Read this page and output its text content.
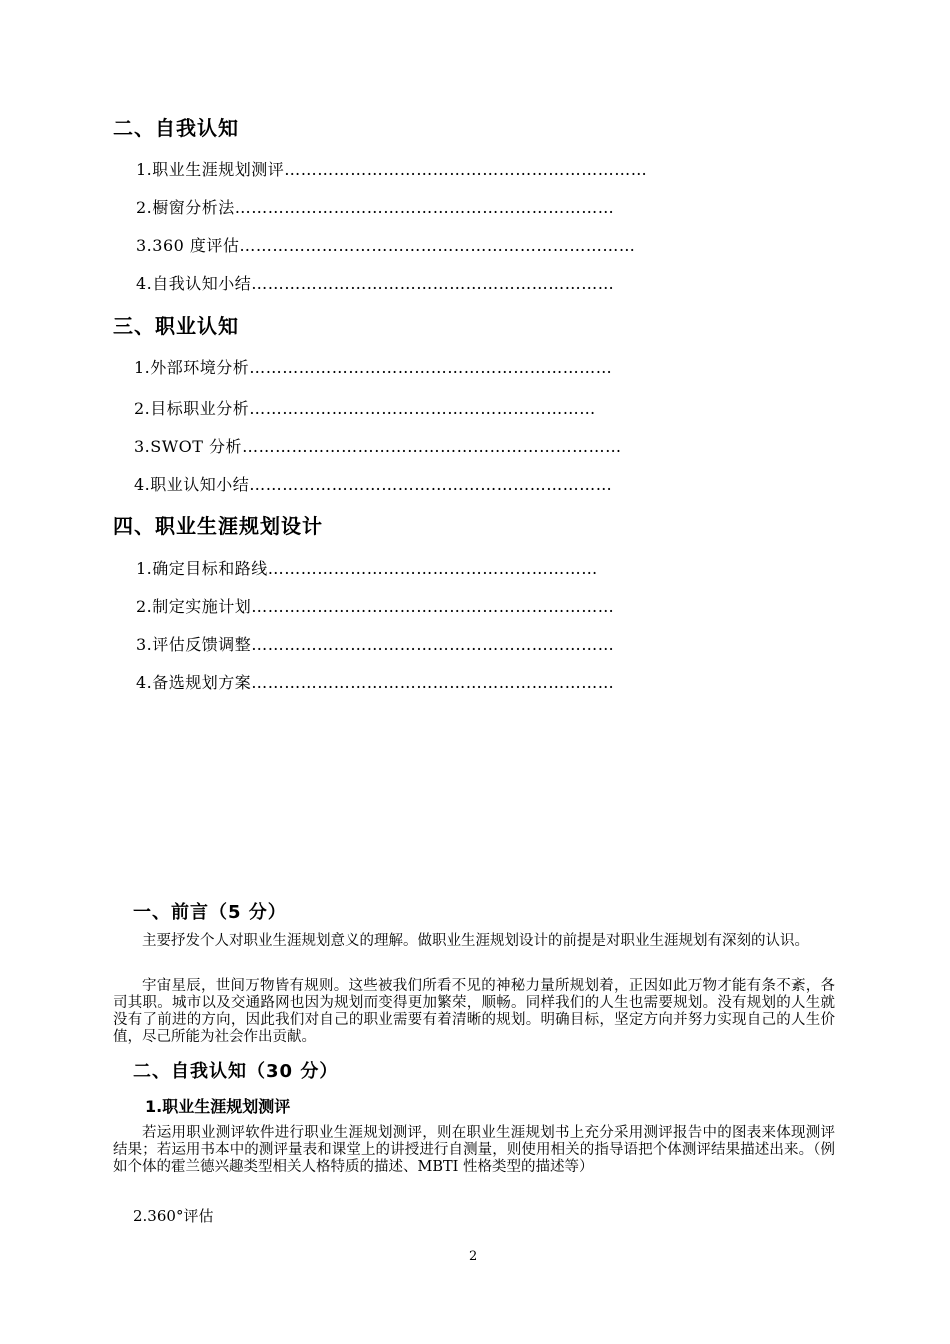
二、自我认知
1.职业生涯规划测评…………………………………………………………
2.橱窗分析法……………………………………………………………
3.360 度评估………………………………………………………………
4.自我认知小结…………………………………………………………
三、职业认知
1.外部环境分析…………………………………………………………
2.目标职业分析………………………………………………………
3.SWOT 分析……………………………………………………………
4.职业认知小结…………………………………………………………
四、职业生涯规划设计
1.确定目标和路线……………………………………………………
2.制定实施计划…………………………………………………………
3.评估反馈调整…………………………………………………………
4.备选规划方案…………………………………………………………
一、前言（5 分）

主要抒发个人对职业生涯规划意义的理解。做职业生涯规划设计的前提是对职业生涯规划有深刻的认识。

宇宙星辰，世间万物皆有规则。这些被我们所看不见的神秘力量所规划着，正因如此万物才能有条不紊，各司其职。城市以及交通路网也因为规划而变得更加繁荣，顺畅。同样我们的人生也需要规划。没有规划的人生就没有了前进的方向，因此我们对自己的职业需要有着清晰的规划。明确目标，坚定方向并努力实现自己的人生价值，尽己所能为社会作出贡献。

二、自我认知（30 分）
1.职业生涯规划测评

若运用职业测评软件进行职业生涯规划测评，则在职业生涯规划书上充分采用测评报告中的图表来体现测评结果；若运用书本中的测评量表和课堂上的讲授进行自测量，则使用相关的指导语把个体测评结果描述出来。（例如个体的霍兰德兴趣类型相关人格特质的描述、MBTI 性格类型的描述等）

2.360°评估
2
